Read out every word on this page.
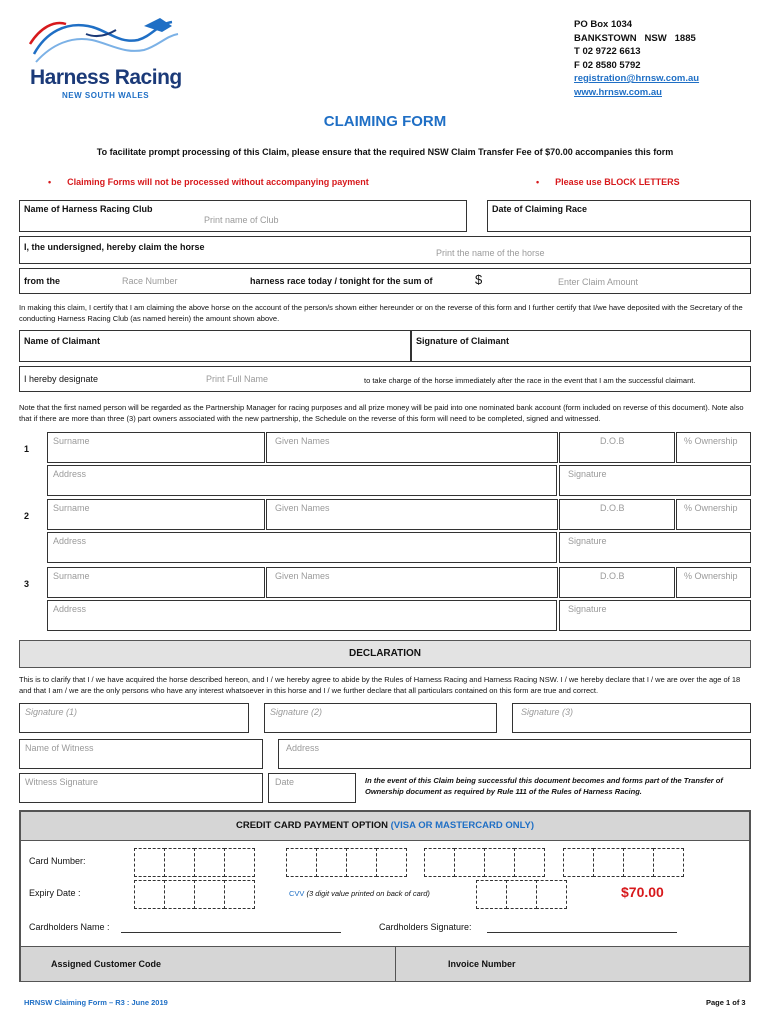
Harness Racing
NEW SOUTH WALES
PO Box 1034
BANKSTOWN   NSW   1885
T 02 9722 6613
F 02 8580 5792
registration@hrnsw.com.au
www.hrnsw.com.au
CLAIMING FORM
To facilitate prompt processing of this Claim, please ensure that the required NSW Claim Transfer Fee of $70.00 accompanies this form
• Claiming Forms will not be processed without accompanying payment	• Please use BLOCK LETTERS
Name of Harness Racing Club
Print name of Club
Date of Claiming Race
I, the undersigned, hereby claim the horse
Print the name of the horse
from the	Race Number	harness race today / tonight for the sum of	$	Enter Claim Amount
In making this claim, I certify that I am claiming the above horse on the account of the person/s shown either hereunder or on the reverse of this form and I further certify that I/we have deposited with the Secretary of the conducting Harness Racing Club (as named herein) the amount shown above.
Name of Claimant	Signature of Claimant
I hereby designate	Print Full Name	to take charge of the horse immediately after the race in the event that I am the successful claimant.
Note that the first named person will be regarded as the Partnership Manager for racing purposes and all prize money will be paid into one nominated bank account (form included on reverse of this document). Note also that if there are more than three (3) part owners associated with the new partnership, the Schedule on the reverse of this form will need to be completed, signed and witnessed.
1
Surname	Given Names	D.O.B	% Ownership
Address	Signature
2
Surname	Given Names	D.O.B	% Ownership
Address	Signature
3
Surname	Given Names	D.O.B	% Ownership
Address	Signature
DECLARATION
This is to clarify that I / we have acquired the horse described hereon, and I / we hereby agree to abide by the Rules of Harness Racing and Harness Racing NSW. I / we hereby declare that I / we are over the age of 18 and that I am / we are the only persons who have any interest whatsoever in this horse and I / we further declare that all particulars contained on this form are true and correct.
Signature (1)	Signature (2)	Signature (3)
Name of Witness	Address
Witness Signature	Date	In the event of this Claim being successful this document becomes and forms part of the Transfer of Ownership document as required by Rule 111 of the Rules of Harness Racing.
CREDIT CARD PAYMENT OPTION (VISA OR MASTERCARD ONLY)
Card Number:
Expiry Date :	CVV (3 digit value printed on back of card)	$70.00
Cardholders Name :	Cardholders Signature:
Assigned Customer Code	Invoice Number
HRNSW Claiming Form – R3 : June 2019	Page 1 of 3
